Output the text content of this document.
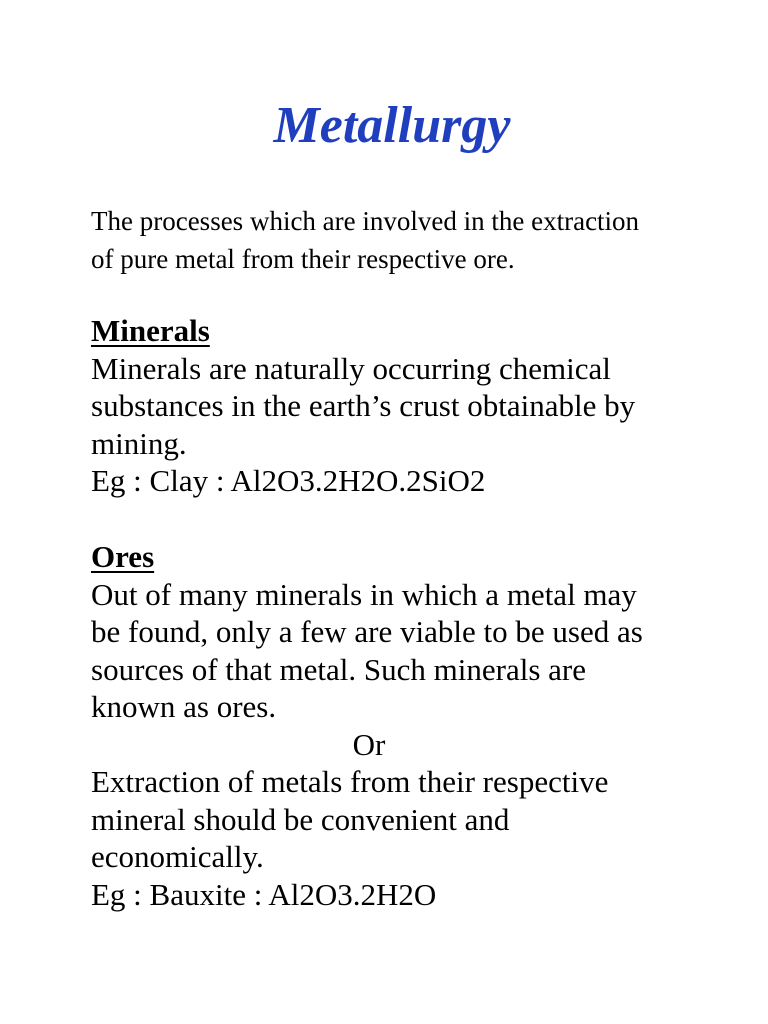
Metallurgy

The processes which are involved in the extraction
of pure metal from their respective ore.

Minerals
Minerals are naturally occurring chemical
substances in the earth’s crust obtainable by
mining.
Eg : Clay : Al2O3.2H2O.2SiO2
Ores
Out of many minerals in which a metal may
be found, only a few are viable to be used as
sources of that metal. Such minerals are
known as ores.
Or
Extraction of metals from their respective
mineral should be convenient and
economically.
Eg : Bauxite : Al2O3.2H2O
